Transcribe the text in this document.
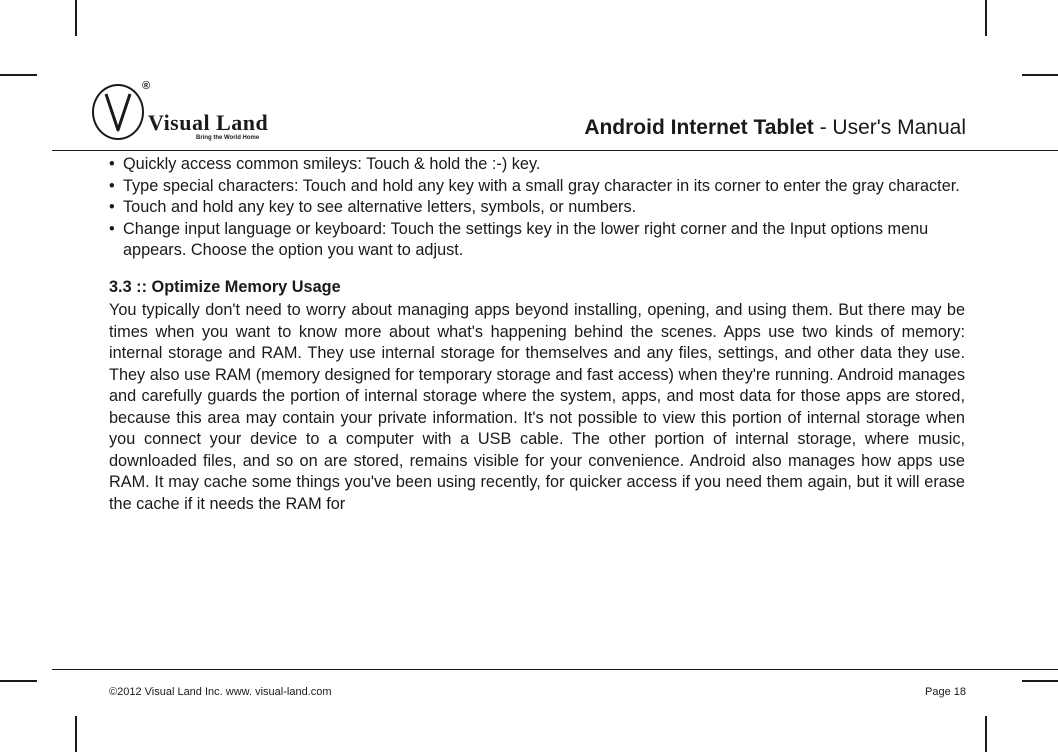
®
Visual Land
Bring the World Home	Android Internet Tablet - User's Manual
• Quickly access common smileys: Touch & hold the :-) key.
• Type special characters: Touch and hold any key with a small gray character in its corner to enter the gray character.
• Touch and hold any key to see alternative letters, symbols, or numbers.
• Change input language or keyboard: Touch the settings key in the lower right corner and the Input options menu appears. Choose the option you want to adjust.
3.3 :: Optimize Memory Usage

You typically don't need to worry about managing apps beyond installing, opening, and using them. But there may be times when you want to know more about what's happening behind the scenes. Apps use two kinds of memory: internal storage and RAM. They use internal storage for themselves and any files, settings, and other data they use. They also use RAM (memory designed for temporary storage and fast access) when they're running. Android manages and carefully guards the portion of internal storage where the system, apps, and most data for those apps are stored, because this area may contain your private information. It's not possible to view this portion of internal storage when you connect your device to a computer with a USB cable. The other portion of internal storage, where music, downloaded files, and so on are stored, remains visible for your convenience. Android also manages how apps use RAM. It may cache some things you've been using recently, for quicker access if you need them again, but it will erase the cache if it needs the RAM for

©2012 Visual Land Inc. www. visual-land.com	Page 18
